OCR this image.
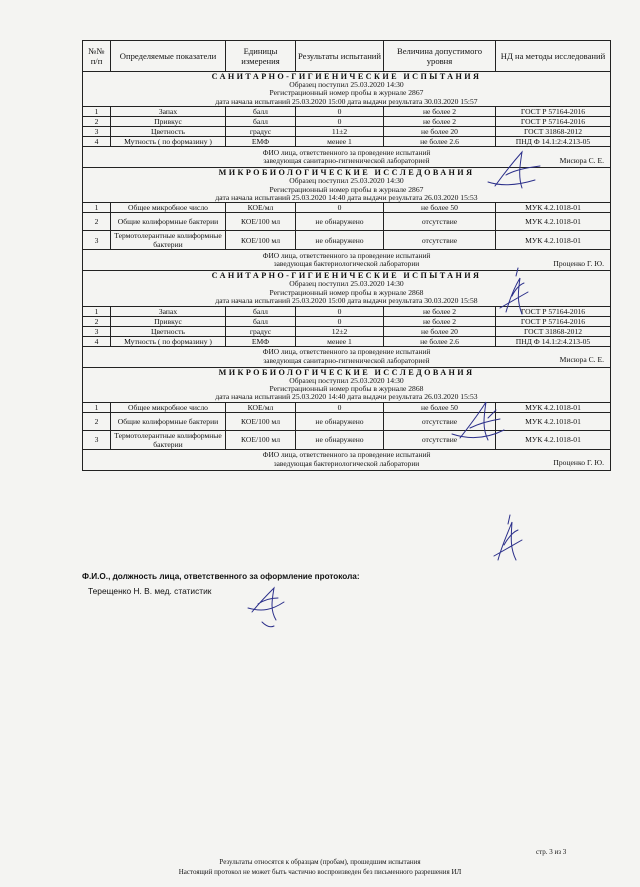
№№ п/п	Определяемые показатели	Единицы измерения	Результаты испытаний	Величина допустимого уровня	НД на методы исследований

САНИТАРНО-ГИГИЕНИЧЕСКИЕ ИСПЫТАНИЯ
Образец поступил 25.03.2020 14:30
Регистрационный номер пробы в журнале 2867
дата начала испытаний 25.03.2020 15:00 дата выдачи результата 30.03.2020 15:57					

1	Запах	балл	0	не более 2	ГОСТ Р 57164-2016
2	Привкус	балл	0	не более 2	ГОСТ Р 57164-2016
3	Цветность	градус	11±2	не более 20	ГОСТ 31868-2012
4	Мутность ( по формазину )	ЕМФ	менее 1	не более 2.6	ПНД Ф 14.1:2:4.213-05

ФИО лица, ответственного за проведение испытаний
заведующая санитарно-гигиенической лабораторией Мисюра С. Е.					

МИКРОБИОЛОГИЧЕСКИЕ ИССЛЕДОВАНИЯ
Образец поступил 25.03.2020 14:30
Регистрационный номер пробы в журнале 2867
дата начала испытаний 25.03.2020 14:40 дата выдачи результата 26.03.2020 15:53					

1	Общее микробное число	КОЕ/мл	0	не более 50	МУК 4.2.1018-01
2	Общие колиформные бактерии	КОЕ/100 мл	не обнаружено	отсутствие	МУК 4.2.1018-01
3	Термотолерантные колиформные бактерии	КОЕ/100 мл	не обнаружено	отсутствие	МУК 4.2.1018-01

ФИО лица, ответственного за проведение испытаний
заведующая бактериологической лаборатории Проценко Г. Ю.					

САНИТАРНО-ГИГИЕНИЧЕСКИЕ ИСПЫТАНИЯ
Образец поступил 25.03.2020 14:30
Регистрационный номер пробы в журнале 2868
дата начала испытаний 25.03.2020 15:00 дата выдачи результата 30.03.2020 15:58					

1	Запах	балл	0	не более 2	ГОСТ Р 57164-2016
2	Привкус	балл	0	не более 2	ГОСТ Р 57164-2016
3	Цветность	градус	12±2	не более 20	ГОСТ 31868-2012
4	Мутность ( по формазину )	ЕМФ	менее 1	не более 2.6	ПНД Ф 14.1:2:4.213-05

ФИО лица, ответственного за проведение испытаний
заведующая санитарно-гигиенической лабораторией Мисюра С. Е.					

МИКРОБИОЛОГИЧЕСКИЕ ИССЛЕДОВАНИЯ
Образец поступил 25.03.2020 14:30
Регистрационный номер пробы в журнале 2868
дата начала испытаний 25.03.2020 14:40 дата выдачи результата 26.03.2020 15:53					

1	Общее микробное число	КОЕ/мл	0	не более 50	МУК 4.2.1018-01
2	Общие колиформные бактерии	КОЕ/100 мл	не обнаружено	отсутствие	МУК 4.2.1018-01
3	Термотолерантные колиформные бактерии	КОЕ/100 мл	не обнаружено	отсутствие	МУК 4.2.1018-01

ФИО лица, ответственного за проведение испытаний
заведующая бактериологической лаборатории Проценко Г. Ю.					
Ф.И.О., должность лица, ответственного за оформление протокола:
Терещенко Н. В. мед. статистик
стр. 3 из 3
Результаты относятся к образцам (пробам), прошедшим испытания
Настоящий протокол не может быть частично воспроизведен без письменного разрешения ИЛ
